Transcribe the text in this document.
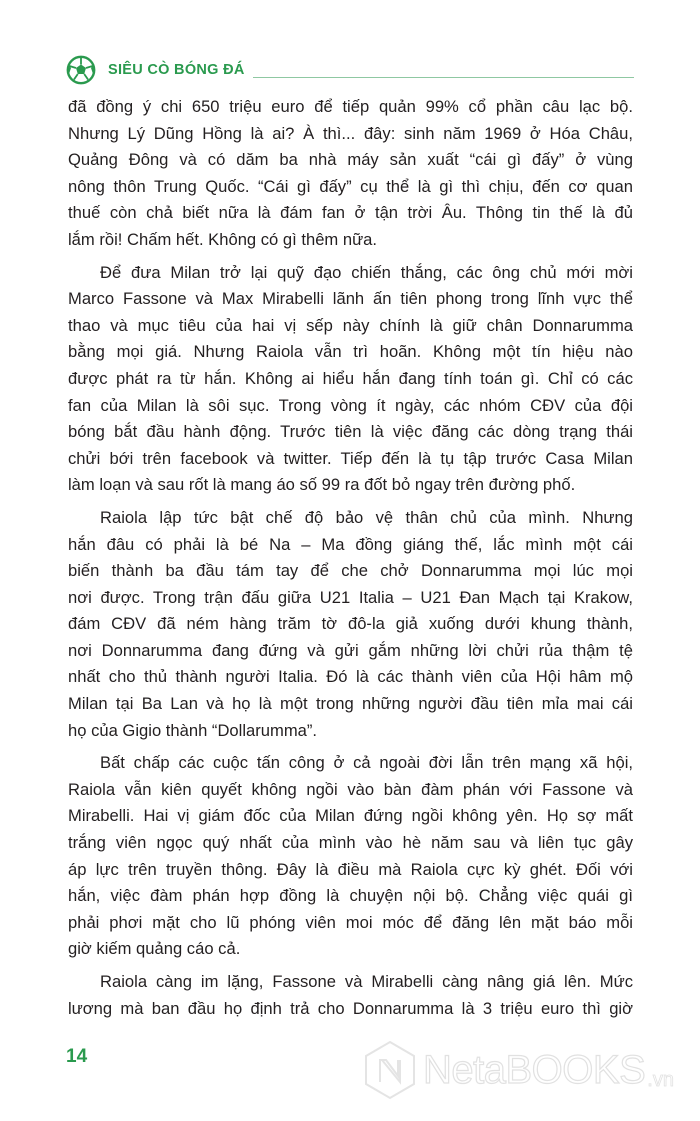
SIÊU CÒ BÓNG ĐÁ

đã đồng ý chi 650 triệu euro để tiếp quản 99% cổ phần câu lạc bộ.
Nhưng Lý Dũng Hồng là ai? À thì... đây: sinh năm 1969 ở Hóa Châu,
Quảng Đông và có dăm ba nhà máy sản xuất “cái gì đấy” ở vùng
nông thôn Trung Quốc. “Cái gì đấy” cụ thể là gì thì chịu, đến cơ quan
thuế còn chả biết nữa là đám fan ở tận trời Âu. Thông tin thế là đủ
lắm rồi! Chấm hết. Không có gì thêm nữa.

Để đưa Milan trở lại quỹ đạo chiến thắng, các ông chủ mới mời
Marco Fassone và Max Mirabelli lãnh ấn tiên phong trong lĩnh vực thể
thao và mục tiêu của hai vị sếp này chính là giữ chân Donnarumma
bằng mọi giá. Nhưng Raiola vẫn trì hoãn. Không một tín hiệu nào
được phát ra từ hắn. Không ai hiểu hắn đang tính toán gì. Chỉ có các
fan của Milan là sôi sục. Trong vòng ít ngày, các nhóm CĐV của đội
bóng bắt đầu hành động. Trước tiên là việc đăng các dòng trạng thái
chửi bới trên facebook và twitter. Tiếp đến là tụ tập trước Casa Milan
làm loạn và sau rốt là mang áo số 99 ra đốt bỏ ngay trên đường phố.

Raiola lập tức bật chế độ bảo vệ thân chủ của mình. Nhưng
hắn đâu có phải là bé Na – Ma đồng giáng thế, lắc mình một cái
biến thành ba đầu tám tay để che chở Donnarumma mọi lúc mọi
nơi được. Trong trận đấu giữa U21 Italia – U21 Đan Mạch tại Krakow,
đám CĐV đã ném hàng trăm tờ đô-la giả xuống dưới khung thành,
nơi Donnarumma đang đứng và gửi gắm những lời chửi rủa thậm tệ
nhất cho thủ thành người Italia. Đó là các thành viên của Hội hâm mộ
Milan tại Ba Lan và họ là một trong những người đầu tiên mỉa mai cái
họ của Gigio thành “Dollarumma”.

Bất chấp các cuộc tấn công ở cả ngoài đời lẫn trên mạng xã hội,
Raiola vẫn kiên quyết không ngồi vào bàn đàm phán với Fassone và
Mirabelli. Hai vị giám đốc của Milan đứng ngồi không yên. Họ sợ mất
trắng viên ngọc quý nhất của mình vào hè năm sau và liên tục gây
áp lực trên truyền thông. Đây là điều mà Raiola cực kỳ ghét. Đối với
hắn, việc đàm phán hợp đồng là chuyện nội bộ. Chẳng việc quái gì
phải phơi mặt cho lũ phóng viên moi móc để đăng lên mặt báo mỗi
giờ kiếm quảng cáo cả.

Raiola càng im lặng, Fassone và Mirabelli càng nâng giá lên. Mức
lương mà ban đầu họ định trả cho Donnarumma là 3 triệu euro thì giờ

14	NetaBOOKS .vn
